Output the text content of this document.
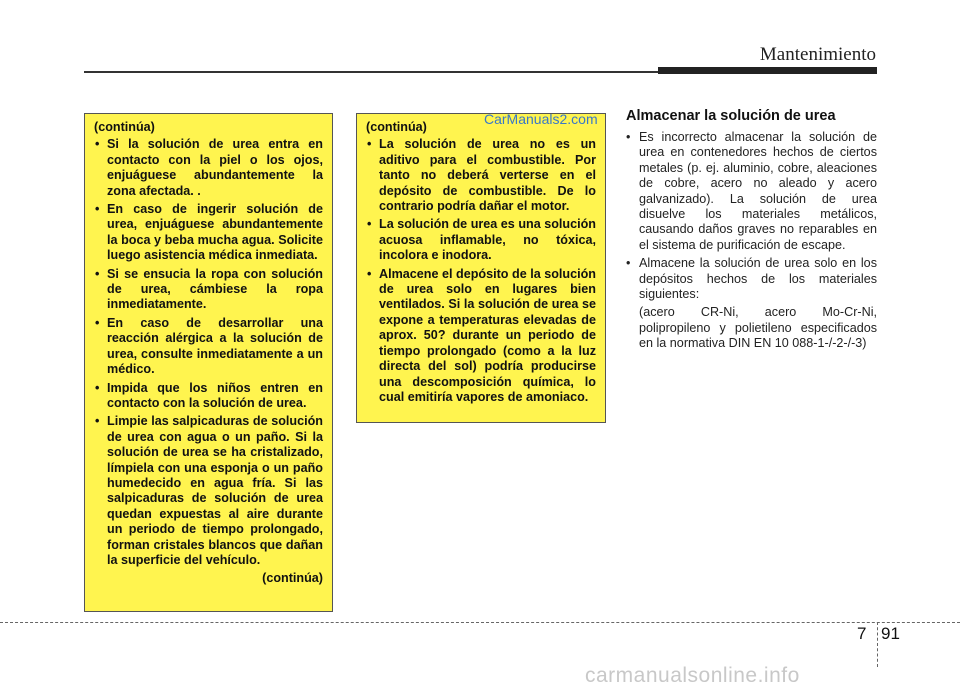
Mantenimiento
(continúa)
• Si la solución de urea entra en contacto con la piel o los ojos, enjuáguese abundantemente la zona afectada. .
• En caso de ingerir solución de urea, enjuáguese abundantemente la boca y beba mucha agua. Solicite luego asistencia médica inmediata.
• Si se ensucia la ropa con solución de urea, cámbiese la ropa inmediatamente.
• En caso de desarrollar una reacción alérgica a la solución de urea, consulte inmediatamente a un médico.
• Impida que los niños entren en contacto con la solución de urea.
• Limpie las salpicaduras de solución de urea con agua o un paño. Si la solución de urea se ha cristalizado, límpiela con una esponja o un paño humedecido en agua fría. Si las salpicaduras de solución de urea quedan expuestas al aire durante un periodo de tiempo prolongado, forman cristales blancos que dañan la superficie del vehículo.
(continúa)
(continúa)
• La solución de urea no es un aditivo para el combustible. Por tanto no deberá verterse en el depósito de combustible. De lo contrario podría dañar el motor.
• La solución de urea es una solución acuosa inflamable, no tóxica, incolora e inodora.
• Almacene el depósito de la solución de urea solo en lugares bien ventilados. Si la solución de urea se expone a temperaturas elevadas de aprox. 50? durante un periodo de tiempo prolongado (como a la luz directa del sol) podría producirse una descomposición química, lo cual emitiría vapores de amoniaco.
CarManuals2.com Almacenar la solución de urea
• Es incorrecto almacenar la solución de urea en contenedores hechos de ciertos metales (p. ej. aluminio, cobre, aleaciones de cobre, acero no aleado y acero galvanizado). La solución de urea disuelve los materiales metálicos, causando daños graves no reparables en el sistema de purificación de escape.
• Almacene la solución de urea solo en los depósitos hechos de los materiales siguientes:
(acero CR-Ni, acero Mo-Cr-Ni, polipropileno y polietileno especificados en la normativa DIN EN 10 088-1-/-2-/-3)
7 91
carmanualsonline.info
